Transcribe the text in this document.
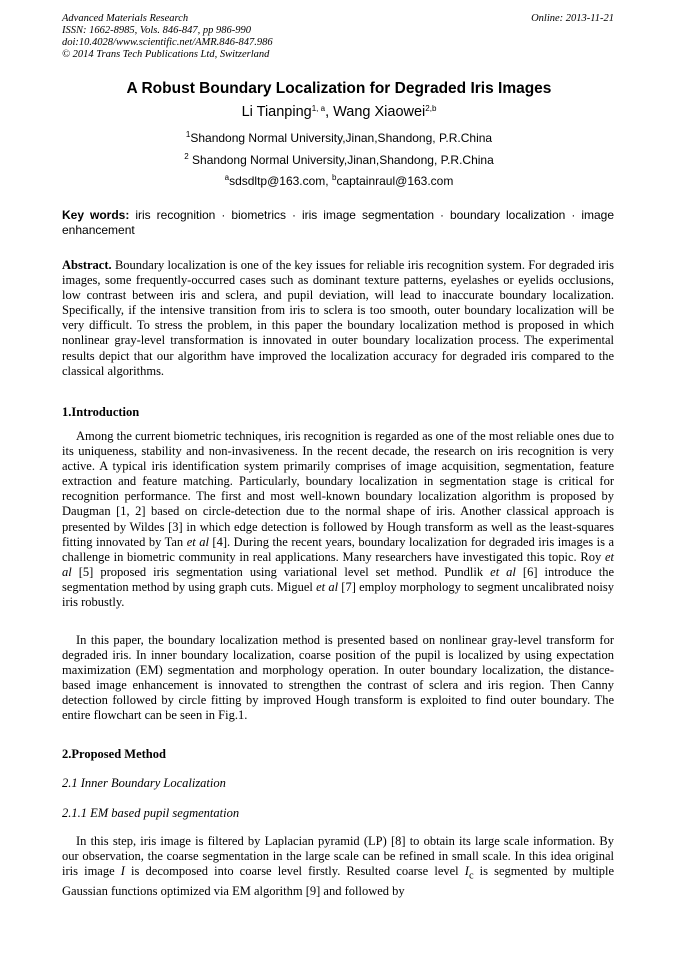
Advanced Materials Research
ISSN: 1662-8985, Vols. 846-847, pp 986-990
doi:10.4028/www.scientific.net/AMR.846-847.986
© 2014 Trans Tech Publications Ltd, Switzerland
Online: 2013-11-21
A Robust Boundary Localization for Degraded Iris Images
Li Tianping$^{1, a}$, Wang Xiaowei$^{2,b}$
$^1$Shandong Normal University,Jinan,Shandong, P.R.China
$^2$ Shandong Normal University,Jinan,Shandong, P.R.China
$^a$sdsdltp@163.com, $^b$captainraul@163.com
Key words: iris recognition · biometrics · iris image segmentation · boundary localization · image enhancement
Abstract. Boundary localization is one of the key issues for reliable iris recognition system. For degraded iris images, some frequently-occurred cases such as dominant texture patterns, eyelashes or eyelids occlusions, low contrast between iris and sclera, and pupil deviation, will lead to inaccurate boundary localization. Specifically, if the intensive transition from iris to sclera is too smooth, outer boundary localization will be very difficult. To stress the problem, in this paper the boundary localization method is proposed in which nonlinear gray-level transformation is innovated in outer boundary localization process. The experimental results depict that our algorithm have improved the localization accuracy for degraded iris compared to the classical algorithms.
1.Introduction
Among the current biometric techniques, iris recognition is regarded as one of the most reliable ones due to its uniqueness, stability and non-invasiveness. In the recent decade, the research on iris recognition is very active. A typical iris identification system primarily comprises of image acquisition, segmentation, feature extraction and feature matching. Particularly, boundary localization in segmentation stage is critical for recognition performance. The first and most well-known boundary localization algorithm is proposed by Daugman [1, 2] based on circle-detection due to the normal shape of iris. Another classical approach is presented by Wildes [3] in which edge detection is followed by Hough transform as well as the least-squares fitting innovated by Tan et al [4]. During the recent years, boundary localization for degraded iris images is a challenge in biometric community in real applications. Many researchers have investigated this topic. Roy et al [5] proposed iris segmentation using variational level set method. Pundlik et al [6] introduce the segmentation method by using graph cuts. Miguel et al [7] employ morphology to segment uncalibrated noisy iris robustly.
In this paper, the boundary localization method is presented based on nonlinear gray-level transform for degraded iris. In inner boundary localization, coarse position of the pupil is localized by using expectation maximization (EM) segmentation and morphology operation. In outer boundary localization, the distance-based image enhancement is innovated to strengthen the contrast of sclera and iris region. Then Canny detection followed by circle fitting by improved Hough transform is exploited to find outer boundary. The entire flowchart can be seen in Fig.1.
2.Proposed Method
2.1 Inner Boundary Localization
2.1.1 EM based pupil segmentation
In this step, iris image is filtered by Laplacian pyramid (LP) [8] to obtain its large scale information. By our observation, the coarse segmentation in the large scale can be refined in small scale. In this idea original iris image I is decomposed into coarse level firstly. Resulted coarse level $I_c$ is segmented by multiple Gaussian functions optimized via EM algorithm [9] and followed by
